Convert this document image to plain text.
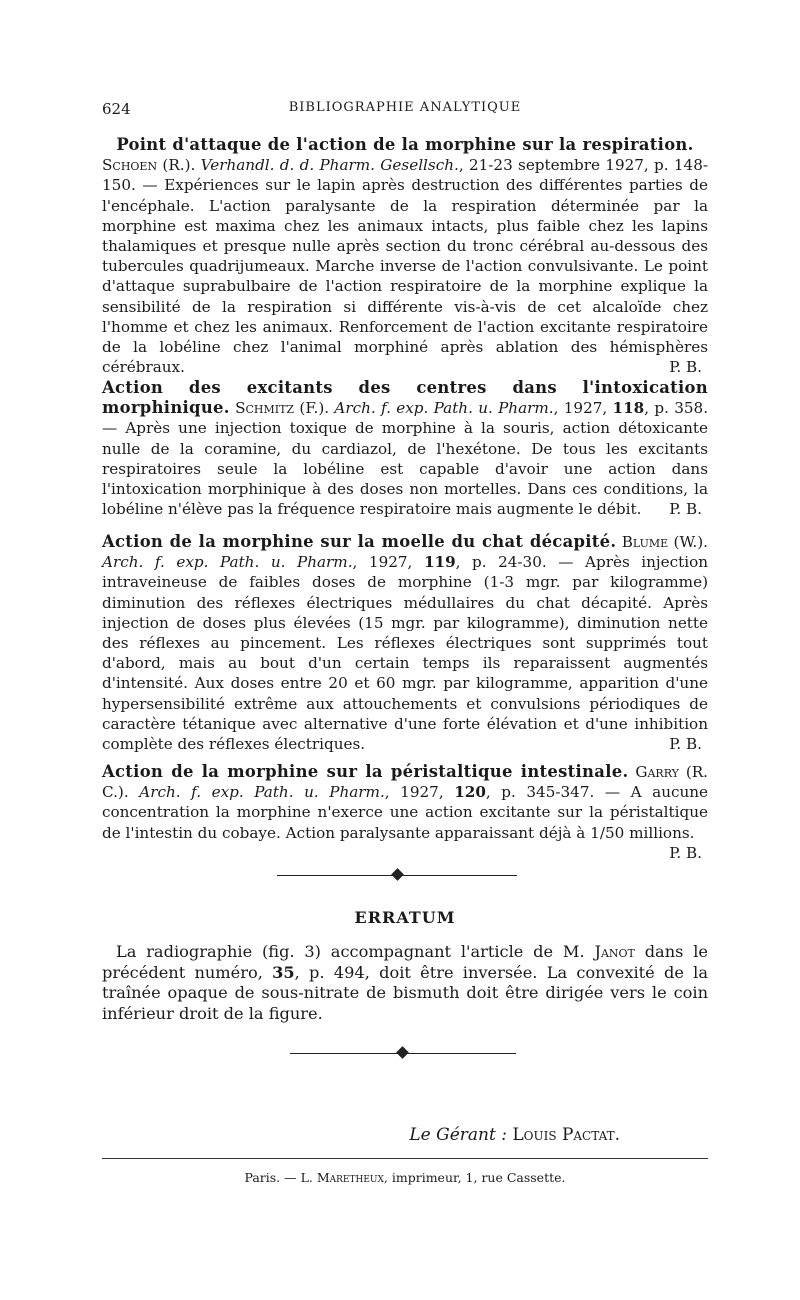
624	BIBLIOGRAPHIE ANALYTIQUE

Point d'attaque de l'action de la morphine sur la respiration.

Schoen (R.). Verhandl. d. d. Pharm. Gesellsch., 21-23 septembre 1927, p. 148-150. — Expériences sur le lapin après destruction des différentes parties de l'encéphale. L'action paralysante de la respiration déterminée par la morphine est maxima chez les animaux intacts, plus faible chez les lapins thalamiques et presque nulle après section du tronc cérébral au-dessous des tubercules quadrijumeaux. Marche inverse de l'action convulsivante. Le point d'attaque suprabulbaire de l'action respiratoire de la morphine explique la sensibilité de la respiration si différente vis-à-vis de cet alcaloïde chez l'homme et chez les animaux. Renforcement de l'action excitante respiratoire de la lobéline chez l'animal morphiné après ablation des hémisphères cérébraux.	P. B.

Action des excitants des centres dans l'intoxication morphinique. Schmitz (F.). Arch. f. exp. Path. u. Pharm., 1927, 118, p. 358. — Après une injection toxique de morphine à la souris, action détoxicante nulle de la coramine, du cardiazol, de l'hexétone. De tous les excitants respiratoires seule la lobéline est capable d'avoir une action dans l'intoxication morphinique à des doses non mortelles. Dans ces conditions, la lobéline n'élève pas la fréquence respiratoire mais augmente le débit. P. B.

Action de la morphine sur la moelle du chat décapité. Blume (W.). Arch. f. exp. Path. u. Pharm., 1927, 119, p. 24-30. — Après injection intraveineuse de faibles doses de morphine (1-3 mgr. par kilogramme) diminution des réflexes électriques médullaires du chat décapité. Après injection de doses plus élevées (15 mgr. par kilogramme), diminution nette des réflexes au pincement. Les réflexes électriques sont supprimés tout d'abord, mais au bout d'un certain temps ils reparaissent augmentés d'intensité. Aux doses entre 20 et 60 mgr. par kilogramme, apparition d'une hypersensibilité extrême aux attouchements et convulsions périodiques de caractère tétanique avec alternative d'une forte élévation et d'une inhibition complète des réflexes électriques.	P. B.

Action de la morphine sur la péristaltique intestinale. Garry (R. C.). Arch. f. exp. Path. u. Pharm., 1927, 120, p. 345-347. — A aucune concentration la morphine n'exerce une action excitante sur la péristaltique de l'intestin du cobaye. Action paralysante apparaissant déjà à 1/50 millions.
P. B.

ERRATUM

La radiographie (fig. 3) accompagnant l'article de M. Janot dans le précédent numéro, 35, p. 494, doit être inversée. La convexité de la traînée opaque de sous-nitrate de bismuth doit être dirigée vers le coin inférieur droit de la figure.

Le Gérant : Louis Pactat.
Paris. — L. Maretheux, imprimeur, 1, rue Cassette.
